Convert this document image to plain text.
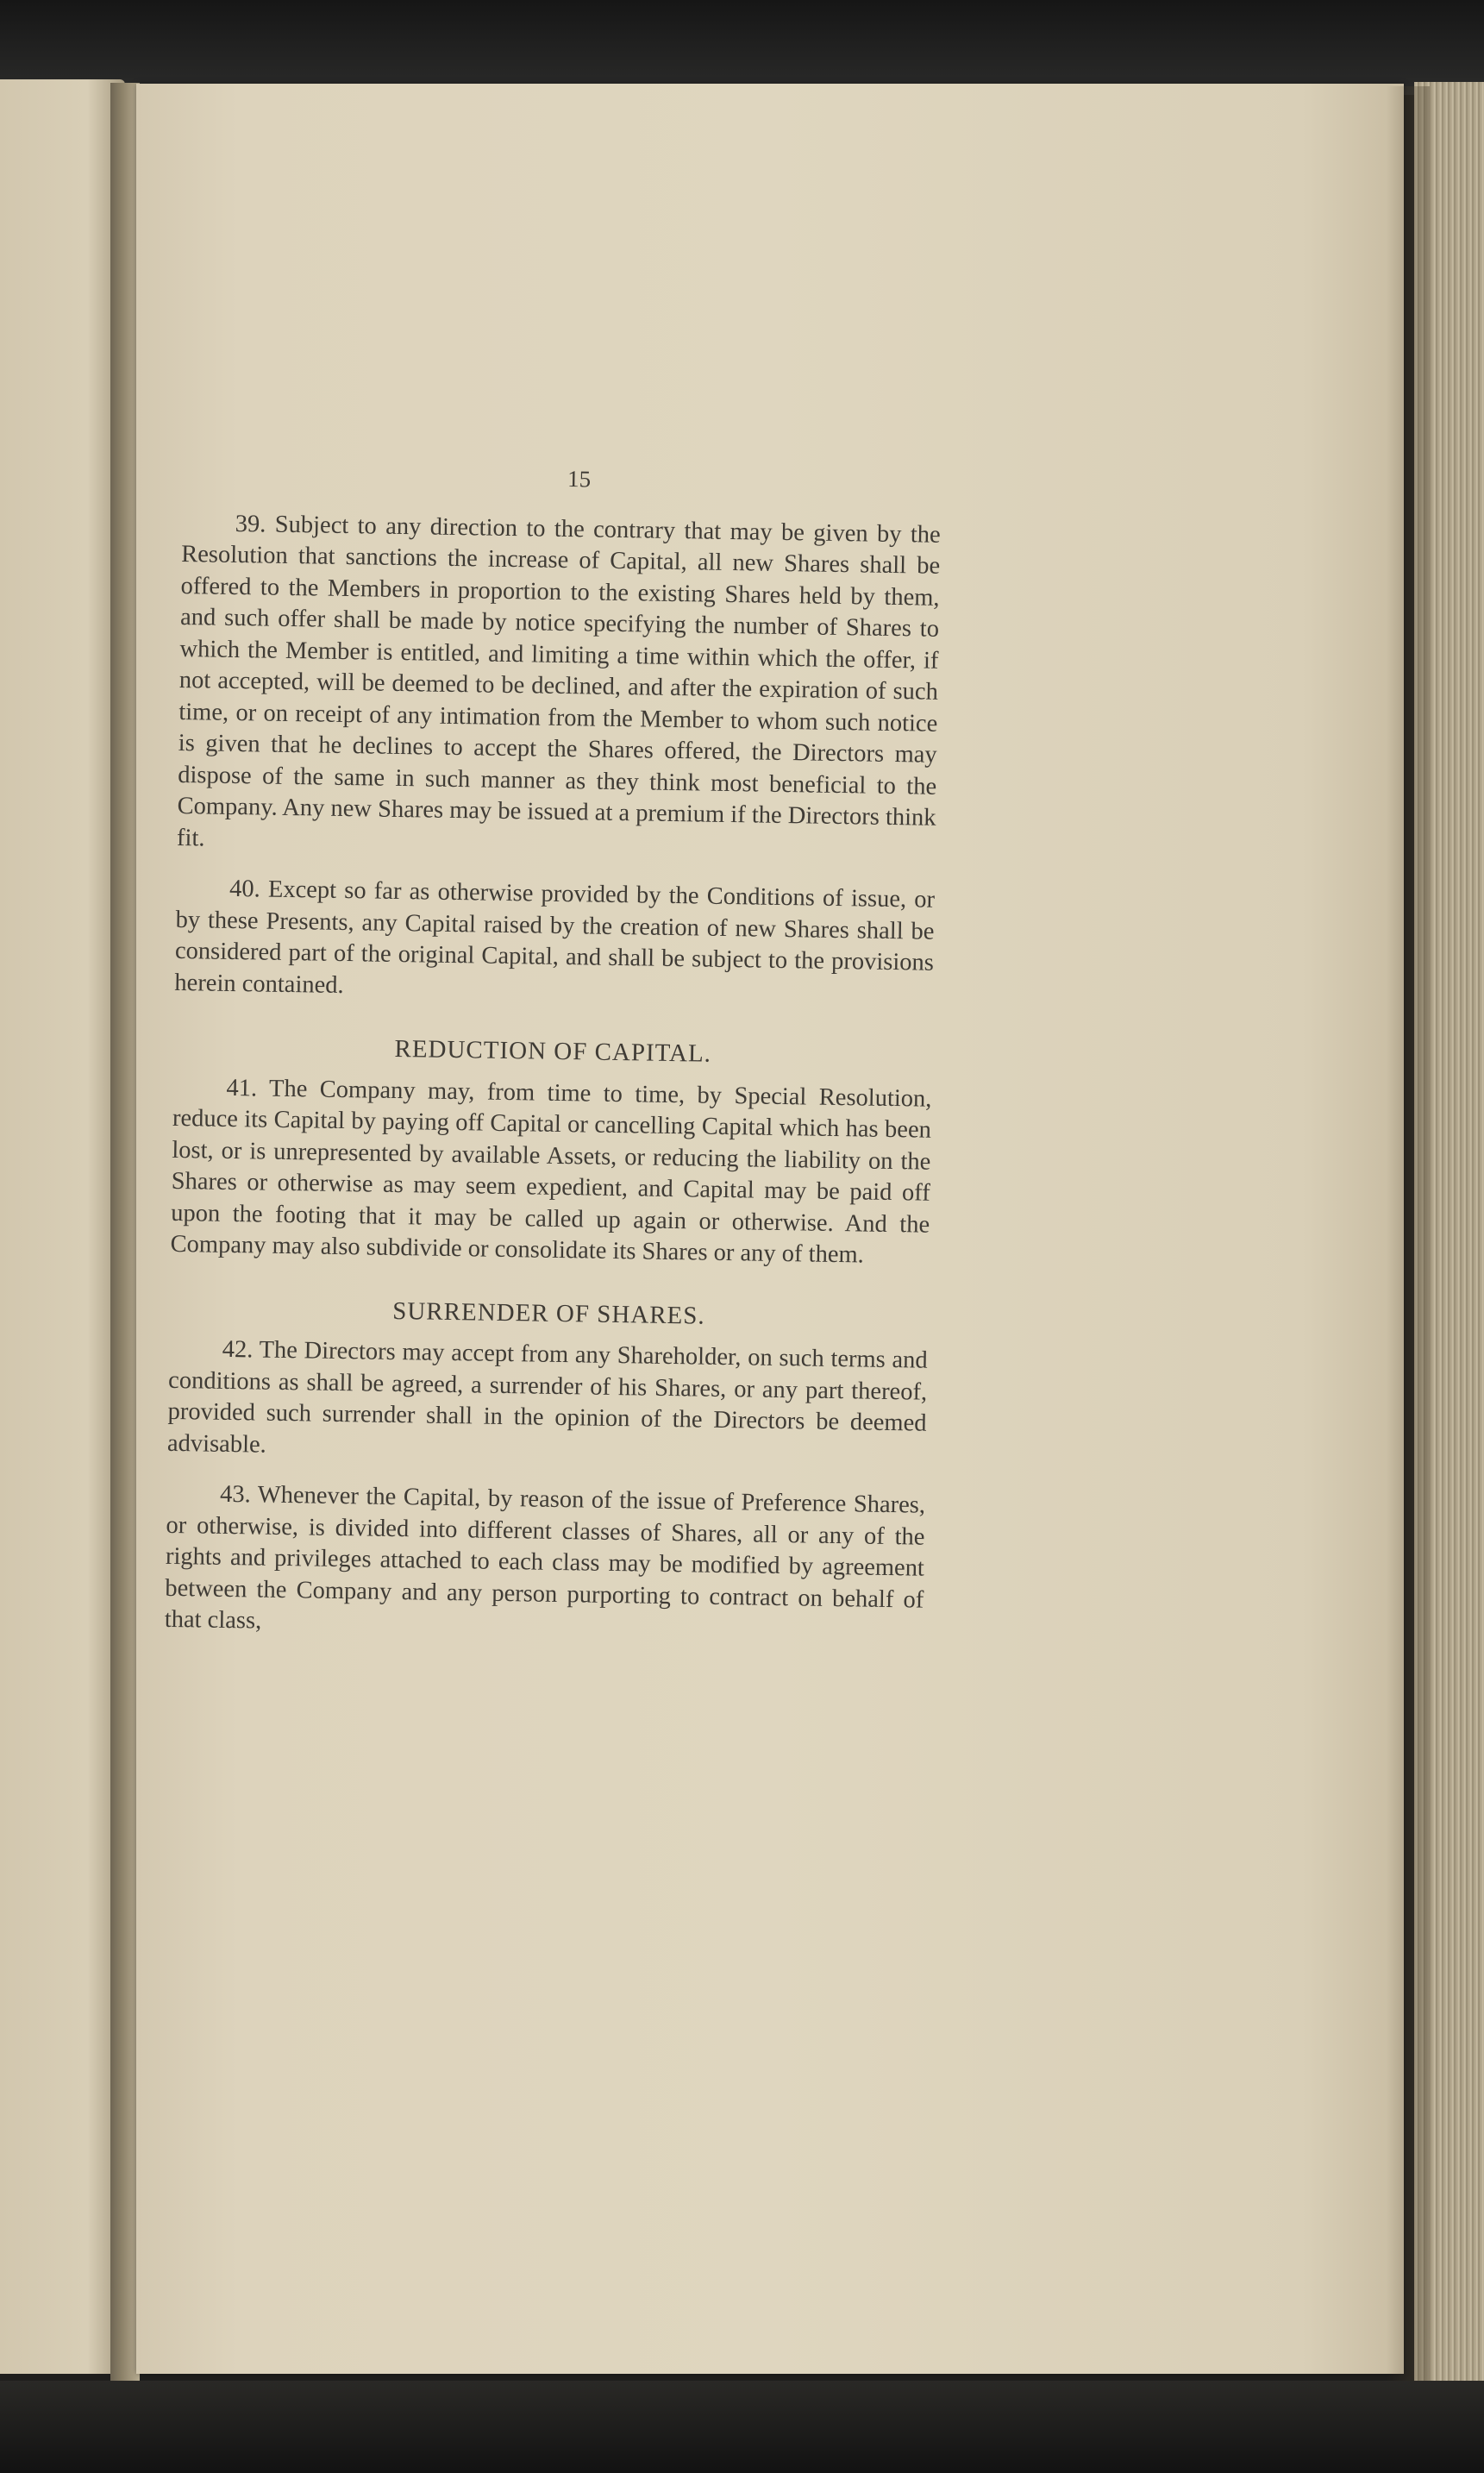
15

39. Subject to any direction to the contrary that may be given by the Resolution that sanctions the increase of Capital, all new Shares shall be offered to the Members in proportion to the existing Shares held by them, and such offer shall be made by notice specifying the number of Shares to which the Member is entitled, and limiting a time within which the offer, if not accepted, will be deemed to be declined, and after the expiration of such time, or on receipt of any intimation from the Member to whom such notice is given that he declines to accept the Shares offered, the Directors may dispose of the same in such manner as they think most beneficial to the Company. Any new Shares may be issued at a premium if the Directors think fit.

40. Except so far as otherwise provided by the Conditions of issue, or by these Presents, any Capital raised by the creation of new Shares shall be considered part of the original Capital, and shall be subject to the provisions herein contained.

REDUCTION OF CAPITAL.

41. The Company may, from time to time, by Special Resolution, reduce its Capital by paying off Capital or cancelling Capital which has been lost, or is unrepresented by available Assets, or reducing the liability on the Shares or otherwise as may seem expedient, and Capital may be paid off upon the footing that it may be called up again or otherwise. And the Company may also subdivide or consolidate its Shares or any of them.

SURRENDER OF SHARES.

42. The Directors may accept from any Shareholder, on such terms and conditions as shall be agreed, a surrender of his Shares, or any part thereof, provided such surrender shall in the opinion of the Directors be deemed advisable.

43. Whenever the Capital, by reason of the issue of Preference Shares, or otherwise, is divided into different classes of Shares, all or any of the rights and privileges attached to each class may be modified by agreement between the Company and any person purporting to contract on behalf of that class,
